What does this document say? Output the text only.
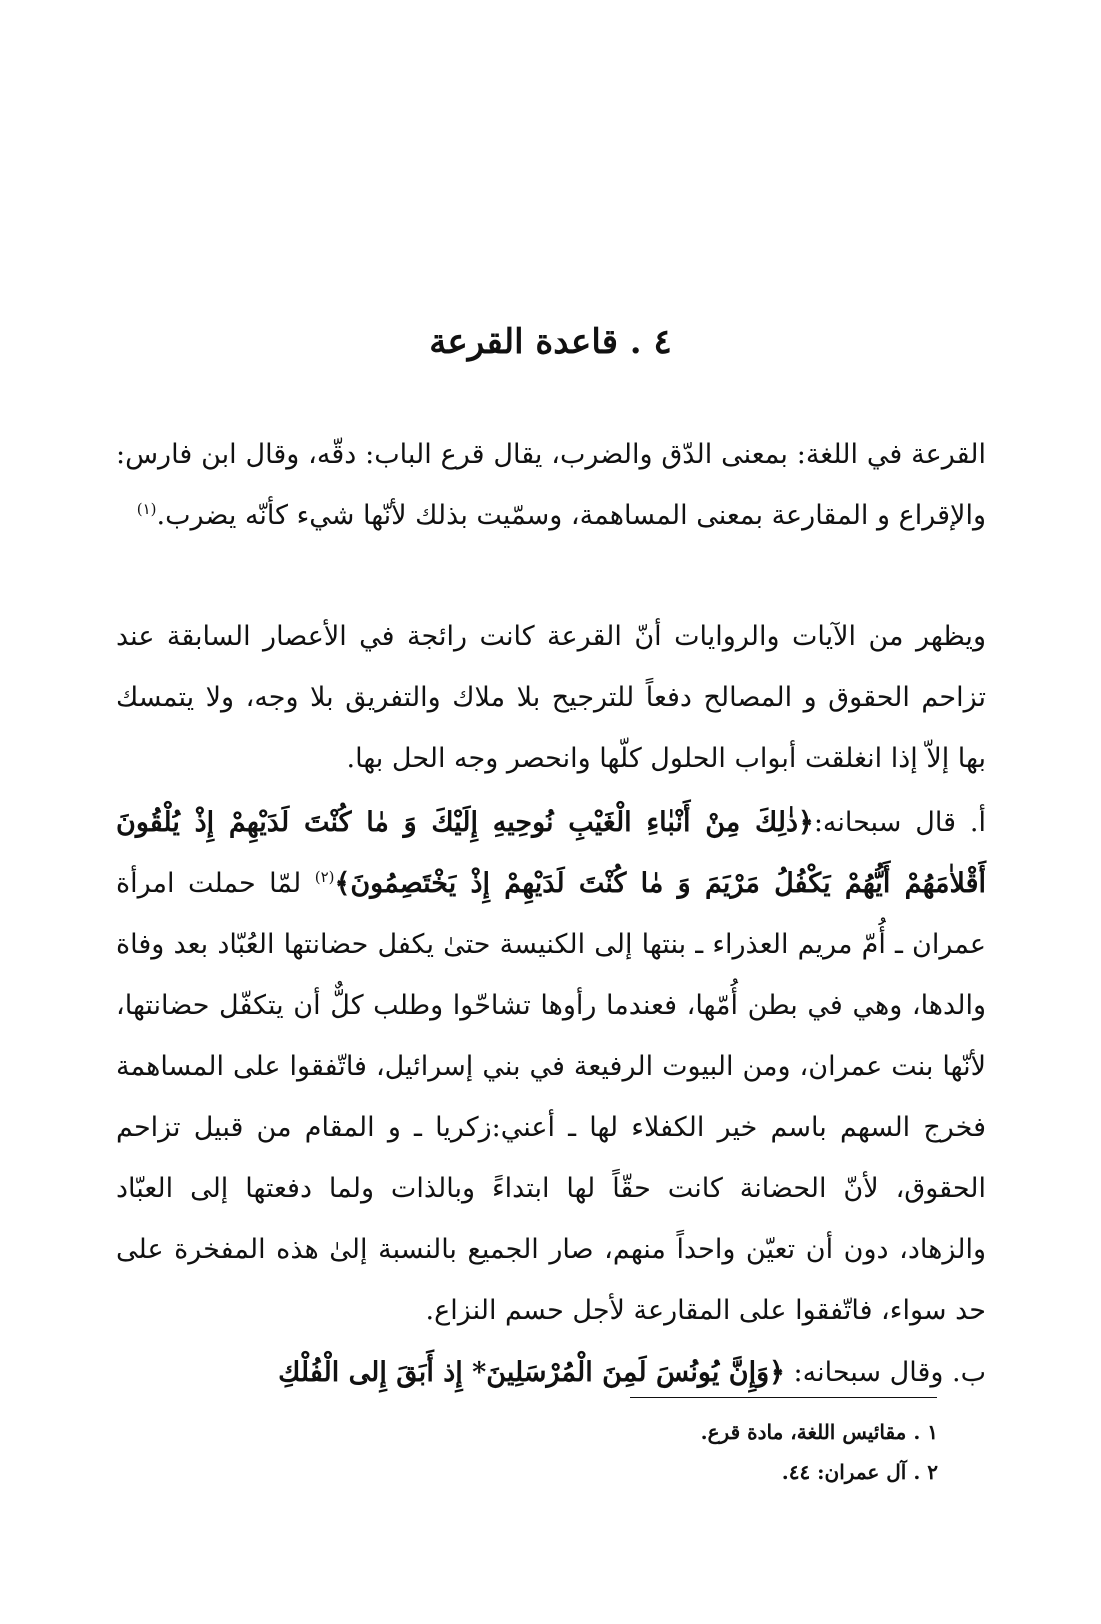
٤ . قاعدة القرعة

القرعة في اللغة: بمعنى الدّق والضرب، يقال قرع الباب: دقّه، وقال ابن فارس: والإقراع و المقارعة بمعنى المساهمة، وسمّيت بذلك لأنّها شيء كأنّه يضرب.$^{(١)}$

ويظهر من الآيات والروايات أنّ القرعة كانت رائجة في الأعصار السابقة عند تزاحم الحقوق و المصالح دفعاً للترجيح بلا ملاك والتفريق بلا وجه، ولا يتمسك بها إلاّ إذا انغلقت أبواب الحلول كلّها وانحصر وجه الحل بها.

أ. قال سبحانه:﴿ذٰلِكَ مِنْ أَنْبٰاءِ الْغَيْبِ نُوحِيهِ إِلَيْكَ وَ مٰا كُنْتَ لَدَيْهِمْ إِذْ يُلْقُونَ أَقْلاٰمَهُمْ أَيُّهُمْ يَكْفُلُ مَرْيَمَ وَ مٰا كُنْتَ لَدَيْهِمْ إِذْ يَخْتَصِمُونَ﴾$^{(٢)}$ لمّا حملت امرأة عمران ـ أُمّ مريم العذراء ـ بنتها إلى الكنيسة حتىٰ يكفل حضانتها العُبّاد بعد وفاة والدها، وهي في بطن أُمّها، فعندما رأوها تشاحّوا وطلب كلٌّ أن يتكفّل حضانتها، لأنّها بنت عمران، ومن البيوت الرفيعة في بني إسرائيل، فاتّفقوا على المساهمة فخرج السهم باسم خير الكفلاء لها ـ أعني:زكريا ـ و المقام من قبيل تزاحم الحقوق، لأنّ الحضانة كانت حقّاً لها ابتداءً وبالذات ولما دفعتها إلى العبّاد والزهاد، دون أن تعيّن واحداً منهم، صار الجميع بالنسبة إلىٰ هذه المفخرة على حد سواء، فاتّفقوا على المقارعة لأجل حسم النزاع.

ب. وقال سبحانه: ﴿وَإِنَّ يُونُسَ لَمِنَ الْمُرْسَلِينَ* إِذ أَبَقَ إِلى الْفُلْكِ

١ . مقائيس اللغة، مادة قرع.

٢ . آل عمران: ٤٤.
